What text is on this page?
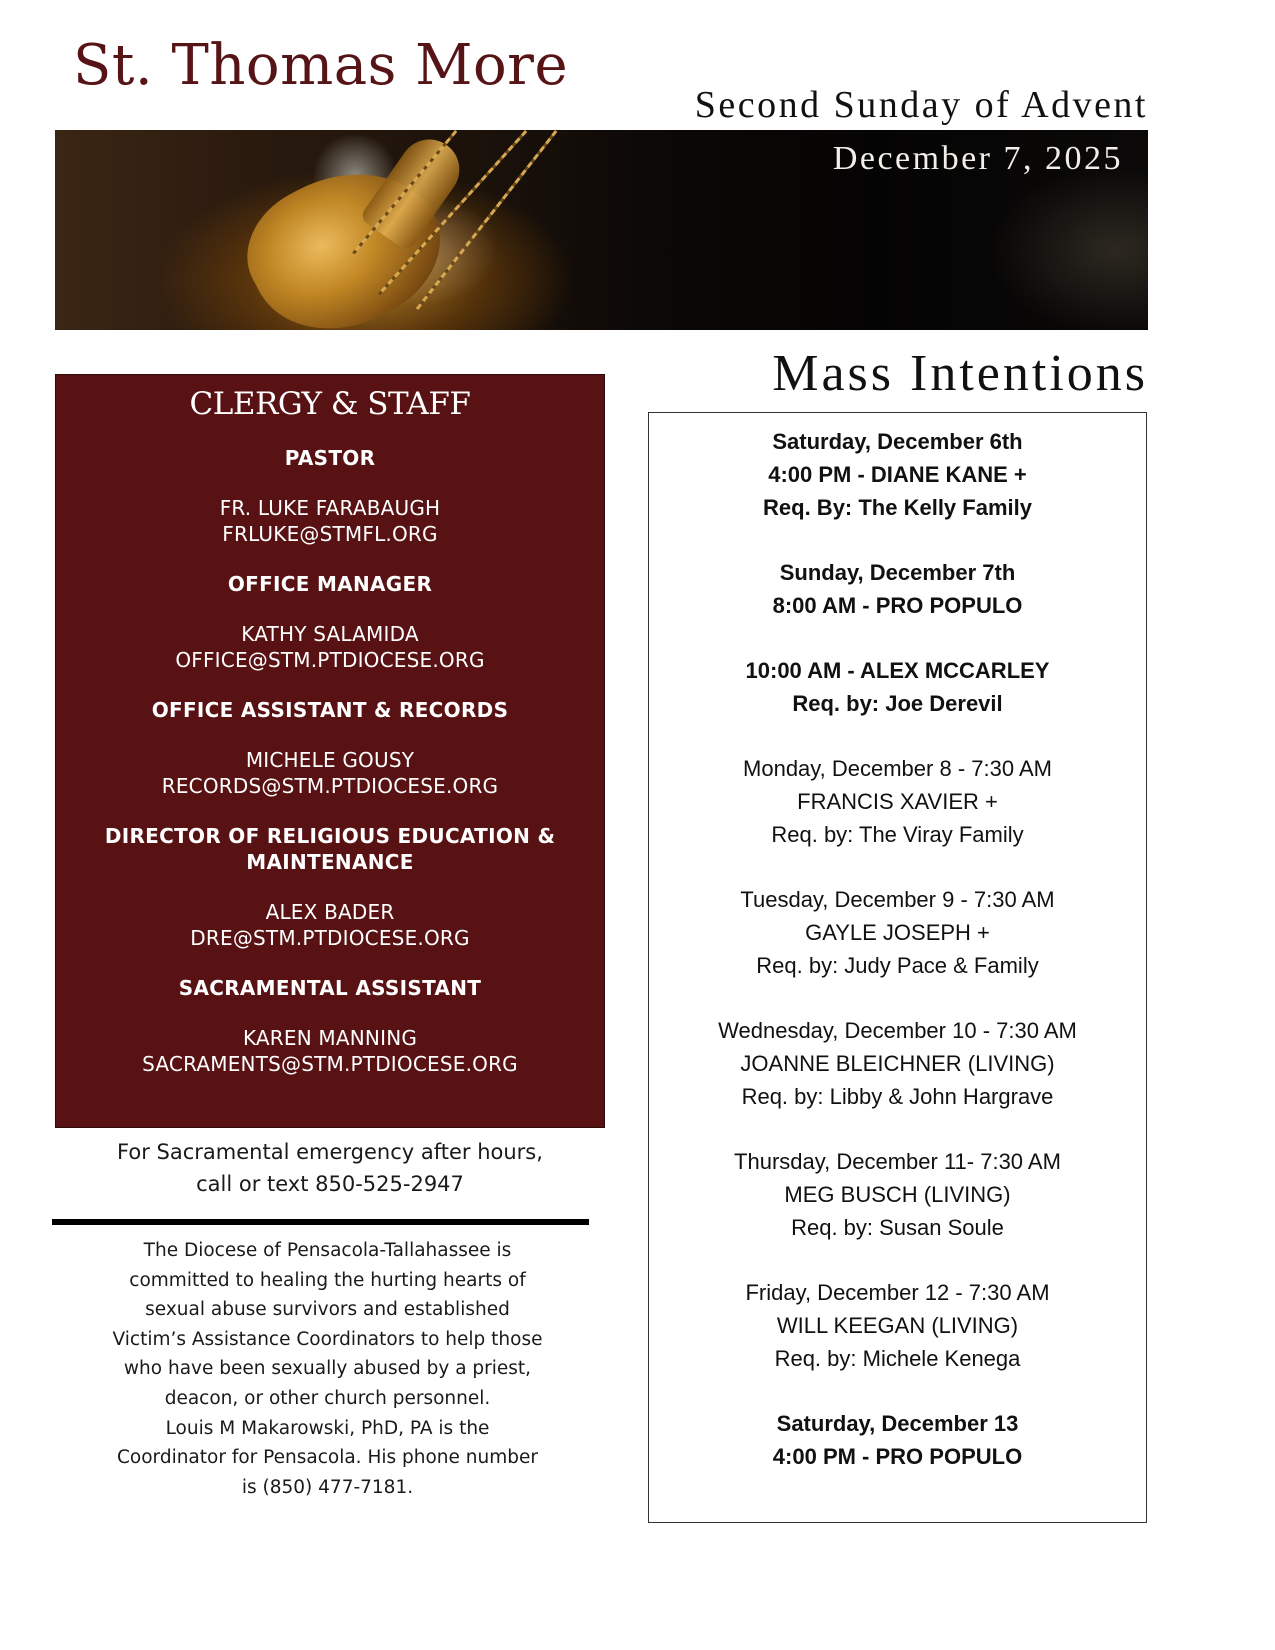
St. Thomas More
Second Sunday of Advent
December 7, 2025
CLERGY & STAFF
PASTOR
FR. LUKE FARABAUGH
FRLUKE@STMFL.ORG
OFFICE MANAGER
KATHY SALAMIDA
OFFICE@STM.PTDIOCESE.ORG
OFFICE ASSISTANT & RECORDS
MICHELE GOUSY
RECORDS@STM.PTDIOCESE.ORG
DIRECTOR OF RELIGIOUS EDUCATION &
MAINTENANCE
ALEX BADER
DRE@STM.PTDIOCESE.ORG
SACRAMENTAL ASSISTANT
KAREN MANNING
SACRAMENTS@STM.PTDIOCESE.ORG
For Sacramental emergency after hours,
call or text 850-525-2947
The Diocese of Pensacola-Tallahassee is
committed to healing the hurting hearts of
sexual abuse survivors and established
Victim’s Assistance Coordinators to help those
who have been sexually abused by a priest,
deacon, or other church personnel.
Louis M Makarowski, PhD, PA is the
Coordinator for Pensacola. His phone number
is (850) 477-7181.
Mass Intentions
Saturday, December 6th
4:00 PM - DIANE KANE +
Req. By: The Kelly Family
Sunday, December 7th
8:00 AM - PRO POPULO
10:00 AM - ALEX MCCARLEY
Req. by: Joe Derevil
Monday, December 8 - 7:30 AM
FRANCIS XAVIER +
Req. by: The Viray Family
Tuesday, December 9 - 7:30 AM
GAYLE JOSEPH +
Req. by: Judy Pace & Family
Wednesday, December 10 - 7:30 AM
JOANNE BLEICHNER (LIVING)
Req. by: Libby & John Hargrave
Thursday, December 11- 7:30 AM
MEG BUSCH (LIVING)
Req. by: Susan Soule
Friday, December 12 - 7:30 AM
WILL KEEGAN (LIVING)
Req. by: Michele Kenega
Saturday, December 13
4:00 PM - PRO POPULO
